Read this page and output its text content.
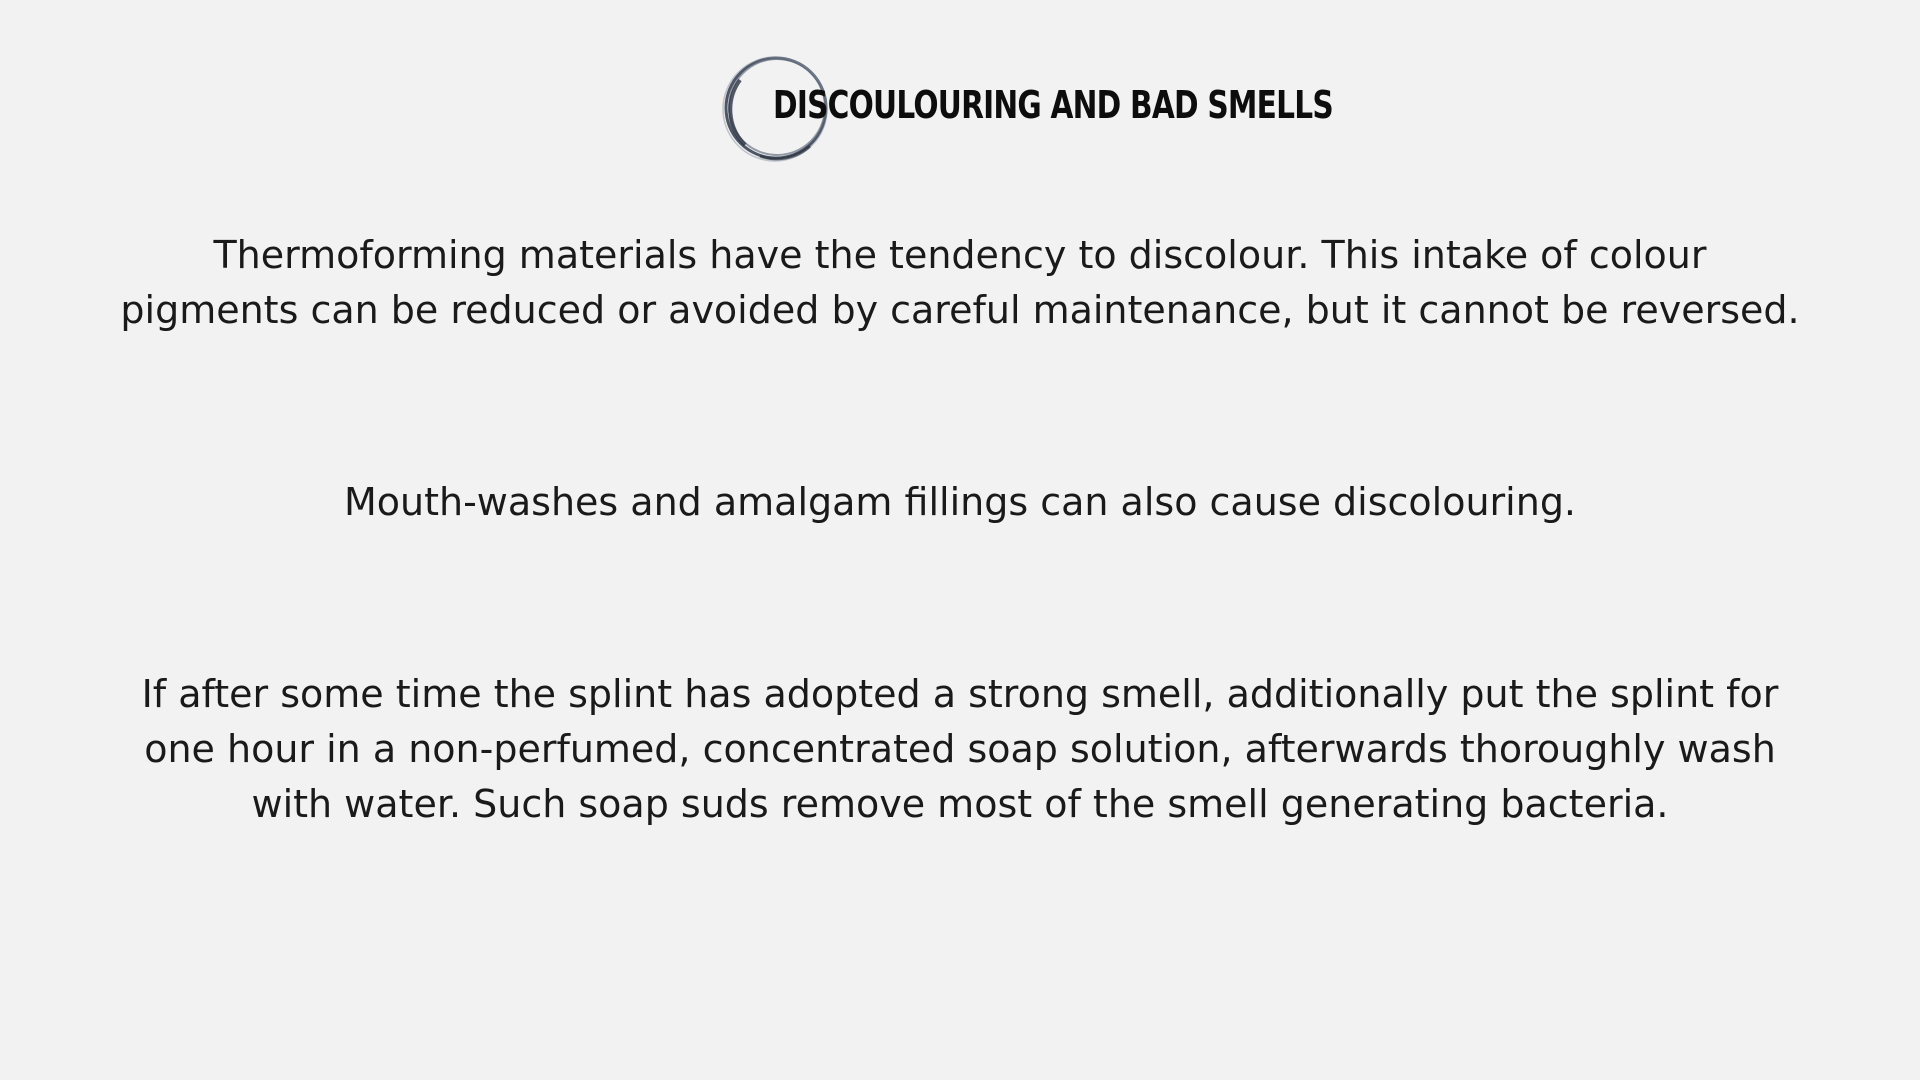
DISCOULOURING AND BAD SMELLS

Thermoforming materials have the tendency to discolour. This intake of colour
pigments can be reduced or avoided by careful maintenance, but it cannot be reversed.

Mouth-washes and amalgam fillings can also cause discolouring.

If after some time the splint has adopted a strong smell, additionally put the splint for
one hour in a non-perfumed, concentrated soap solution, afterwards thoroughly wash
with water. Such soap suds remove most of the smell generating bacteria.
